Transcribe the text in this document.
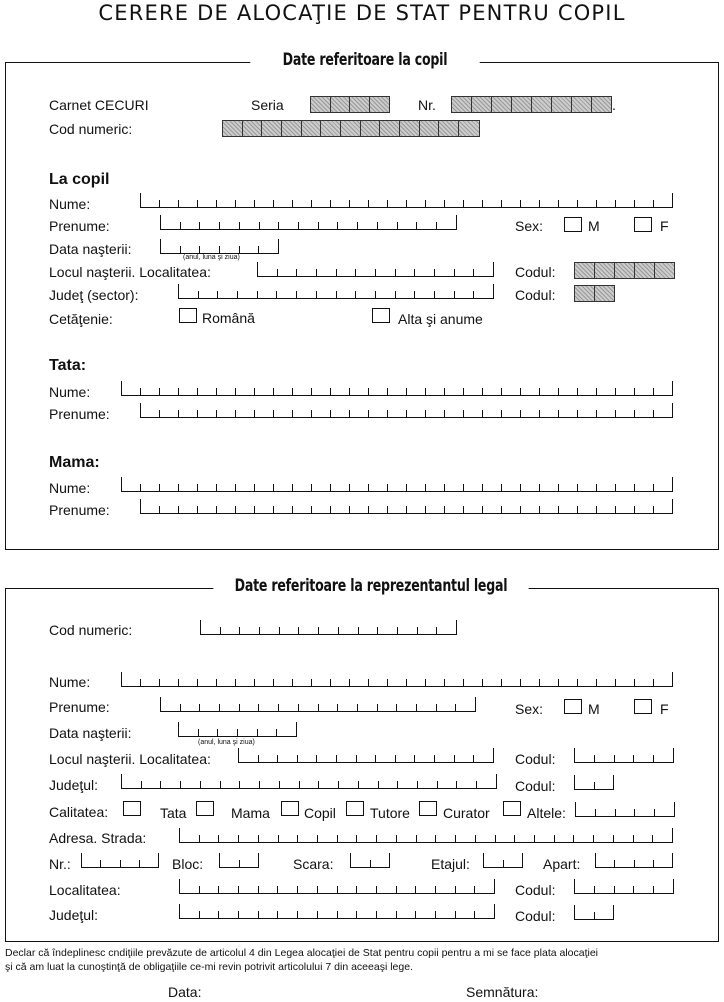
CERERE DE ALOCAŢIE DE STAT PENTRU COPIL
Date referitoare la copil
Carnet CECURI	Seria	Nr.	.
Cod numeric:
La copil
Nume:
Prenume:	Sex:	M	F
Data naşterii:
(anul, luna şi ziua)
Locul naşterii. Localitatea:	Codul:
Judeţ (sector):	Codul:
Cetăţenie:	Română	Alta şi anume
Tata:
Nume:
Prenume:
Mama:
Nume:
Prenume:
Date referitoare la reprezentantul legal
Cod numeric:
Nume:
Prenume:	Sex:	M	F
Data naşterii:
(anul, luna şi ziua)
Locul naşterii. Localitatea:	Codul:
Judeţul:	Codul:
Calitatea:	Tata	Mama Copil Tutore Curator	Altele:
Adresa. Strada:
Nr.:	Bloc:	Scara:	Etajul:	Apart:
Localitatea:	Codul:
Judeţul:	Codul:
Declar că îndeplinesc cndiţiile prevăzute de articolul 4 din Legea alocaţiei de Stat pentru copii pentru a mi se face plata alocaţiei
şi că am luat la cunoştinţă de obligaţiile ce-mi revin potrivit articolului 7 din aceeaşi lege.
Data:	Semnătura:
